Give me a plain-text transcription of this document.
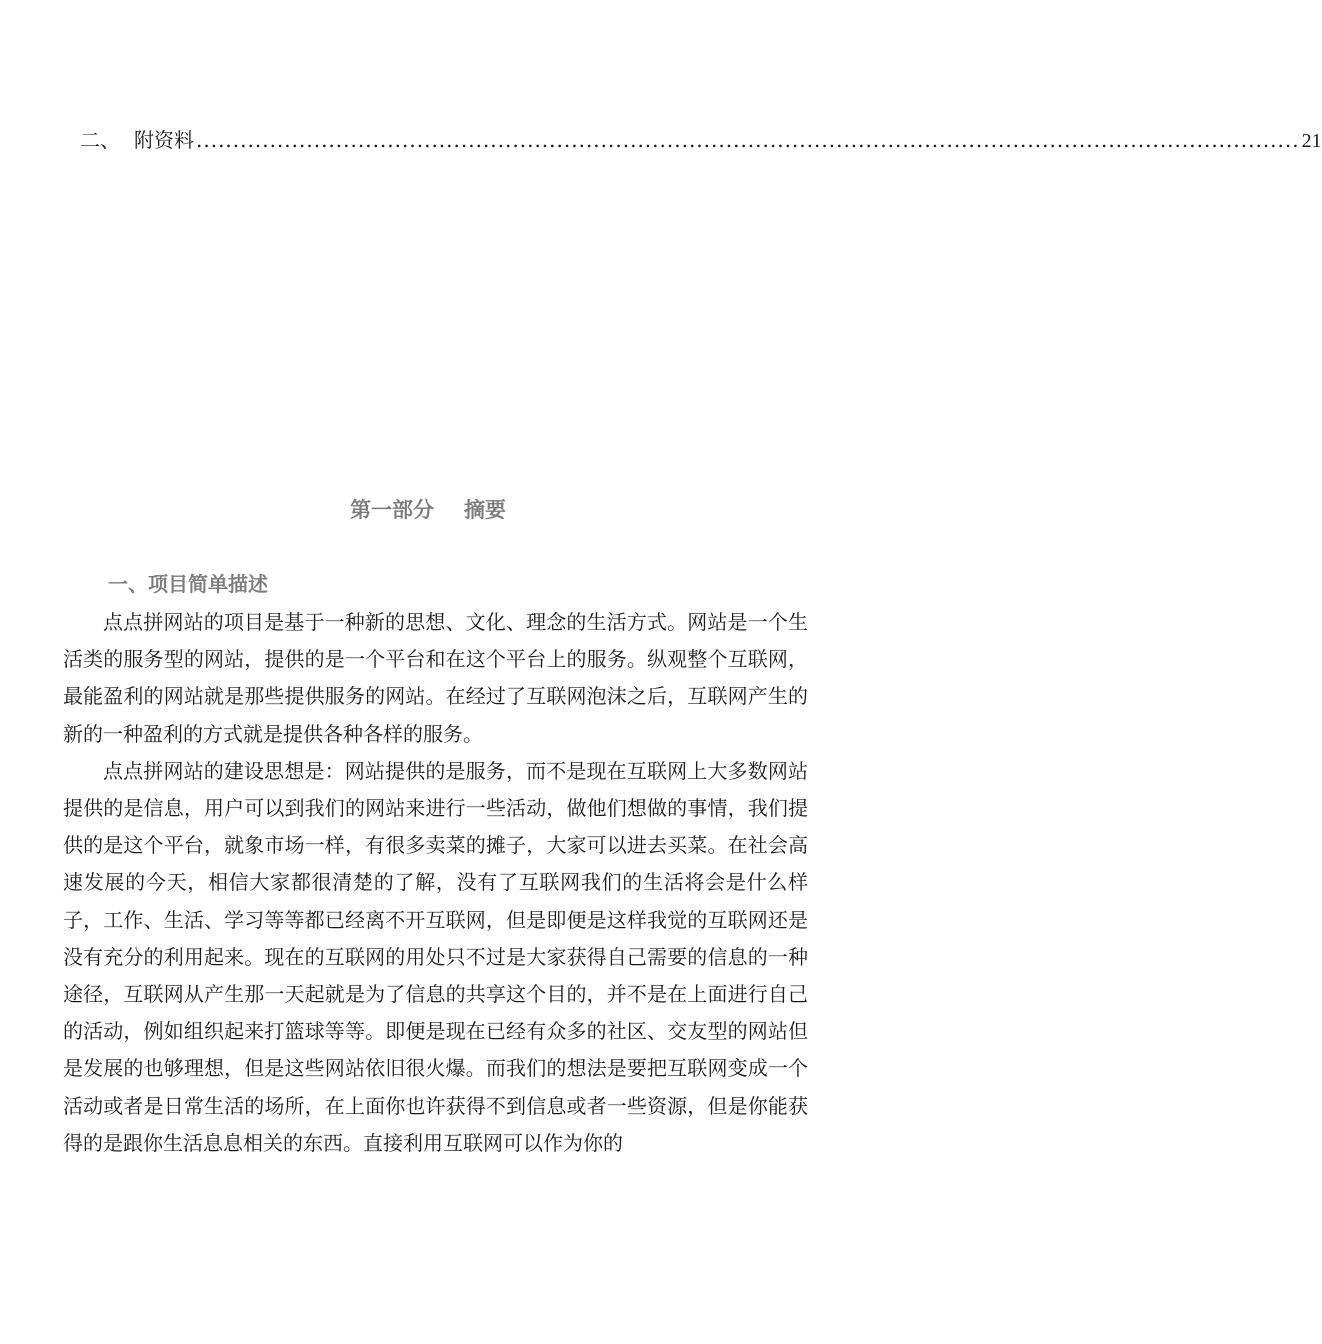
二、 附资料 ...................................................................................................................................................... 21
第一部分 摘要
一、项目简单描述

点点拼网站的项目是基于一种新的思想、文化、理念的生活方式。网站是一个生活类的服务型的网站，提供的是一个平台和在这个平台上的服务。纵观整个互联网，最能盈利的网站就是那些提供服务的网站。在经过了互联网泡沫之后，互联网产生的新的一种盈利的方式就是提供各种各样的服务。

点点拼网站的建设思想是：网站提供的是服务，而不是现在互联网上大多数网站提供的是信息，用户可以到我们的网站来进行一些活动，做他们想做的事情，我们提供的是这个平台，就象市场一样，有很多卖菜的摊子，大家可以进去买菜。在社会高速发展的今天，相信大家都很清楚的了解，没有了互联网我们的生活将会是什么样子，工作、生活、学习等等都已经离不开互联网，但是即便是这样我觉的互联网还是没有充分的利用起来。现在的互联网的用处只不过是大家获得自己需要的信息的一种途径，互联网从产生那一天起就是为了信息的共享这个目的，并不是在上面进行自己的活动，例如组织起来打篮球等等。即便是现在已经有众多的社区、交友型的网站但是发展的也够理想，但是这些网站依旧很火爆。而我们的想法是要把互联网变成一个活动或者是日常生活的场所，在上面你也许获得不到信息或者一些资源，但是你能获得的是跟你生活息息相关的东西。直接利用互联网可以作为你的
